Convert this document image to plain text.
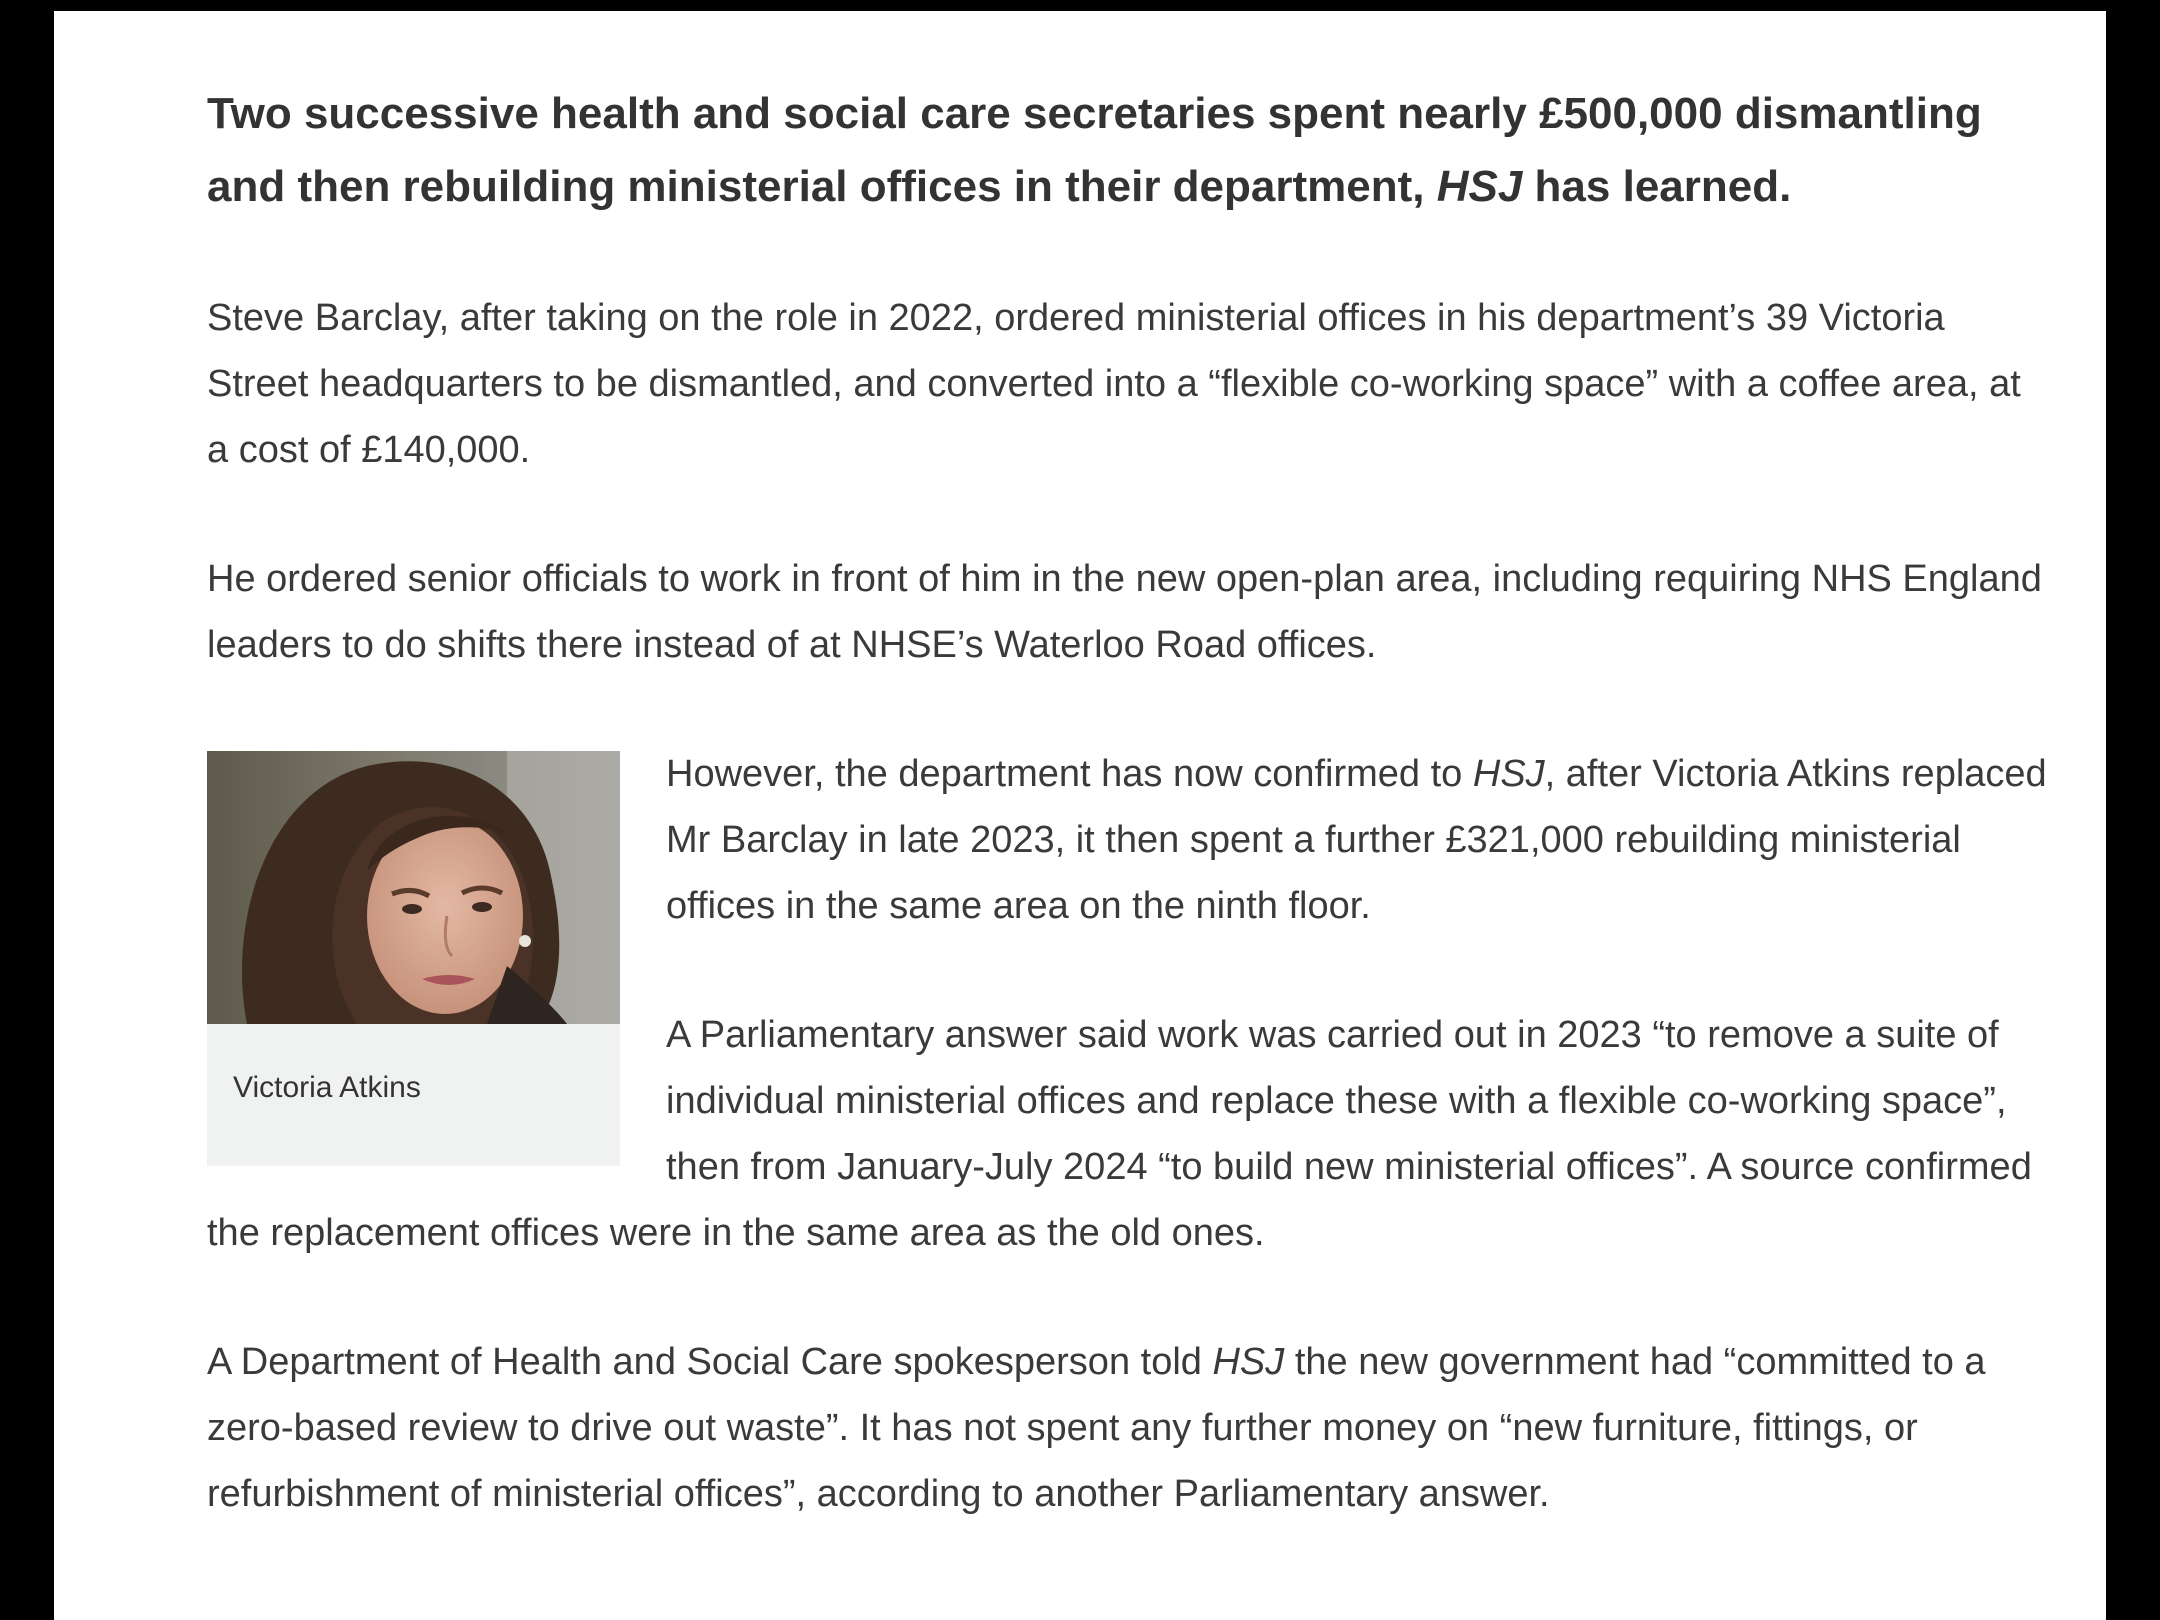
Two successive health and social care secretaries spent nearly £500,000 dismantling and then rebuilding ministerial offices in their department, HSJ has learned.

Steve Barclay, after taking on the role in 2022, ordered ministerial offices in his department’s 39 Victoria Street headquarters to be dismantled, and converted into a “flexible co-working space” with a coffee area, at a cost of £140,000.

He ordered senior officials to work in front of him in the new open-plan area, including requiring NHS England leaders to do shifts there instead of at NHSE’s Waterloo Road offices.

Victoria Atkins

However, the department has now confirmed to HSJ, after Victoria Atkins replaced Mr Barclay in late 2023, it then spent a further £321,000 rebuilding ministerial offices in the same area on the ninth floor.

A Parliamentary answer said work was carried out in 2023 “to remove a suite of individual ministerial offices and replace these with a flexible co-working space”, then from January-July 2024 “to build new ministerial offices”. A source confirmed the replacement offices were in the same area as the old ones.

A Department of Health and Social Care spokesperson told HSJ the new government had “committed to a zero-based review to drive out waste”. It has not spent any further money on “new furniture, fittings, or refurbishment of ministerial offices”, according to another Parliamentary answer.
